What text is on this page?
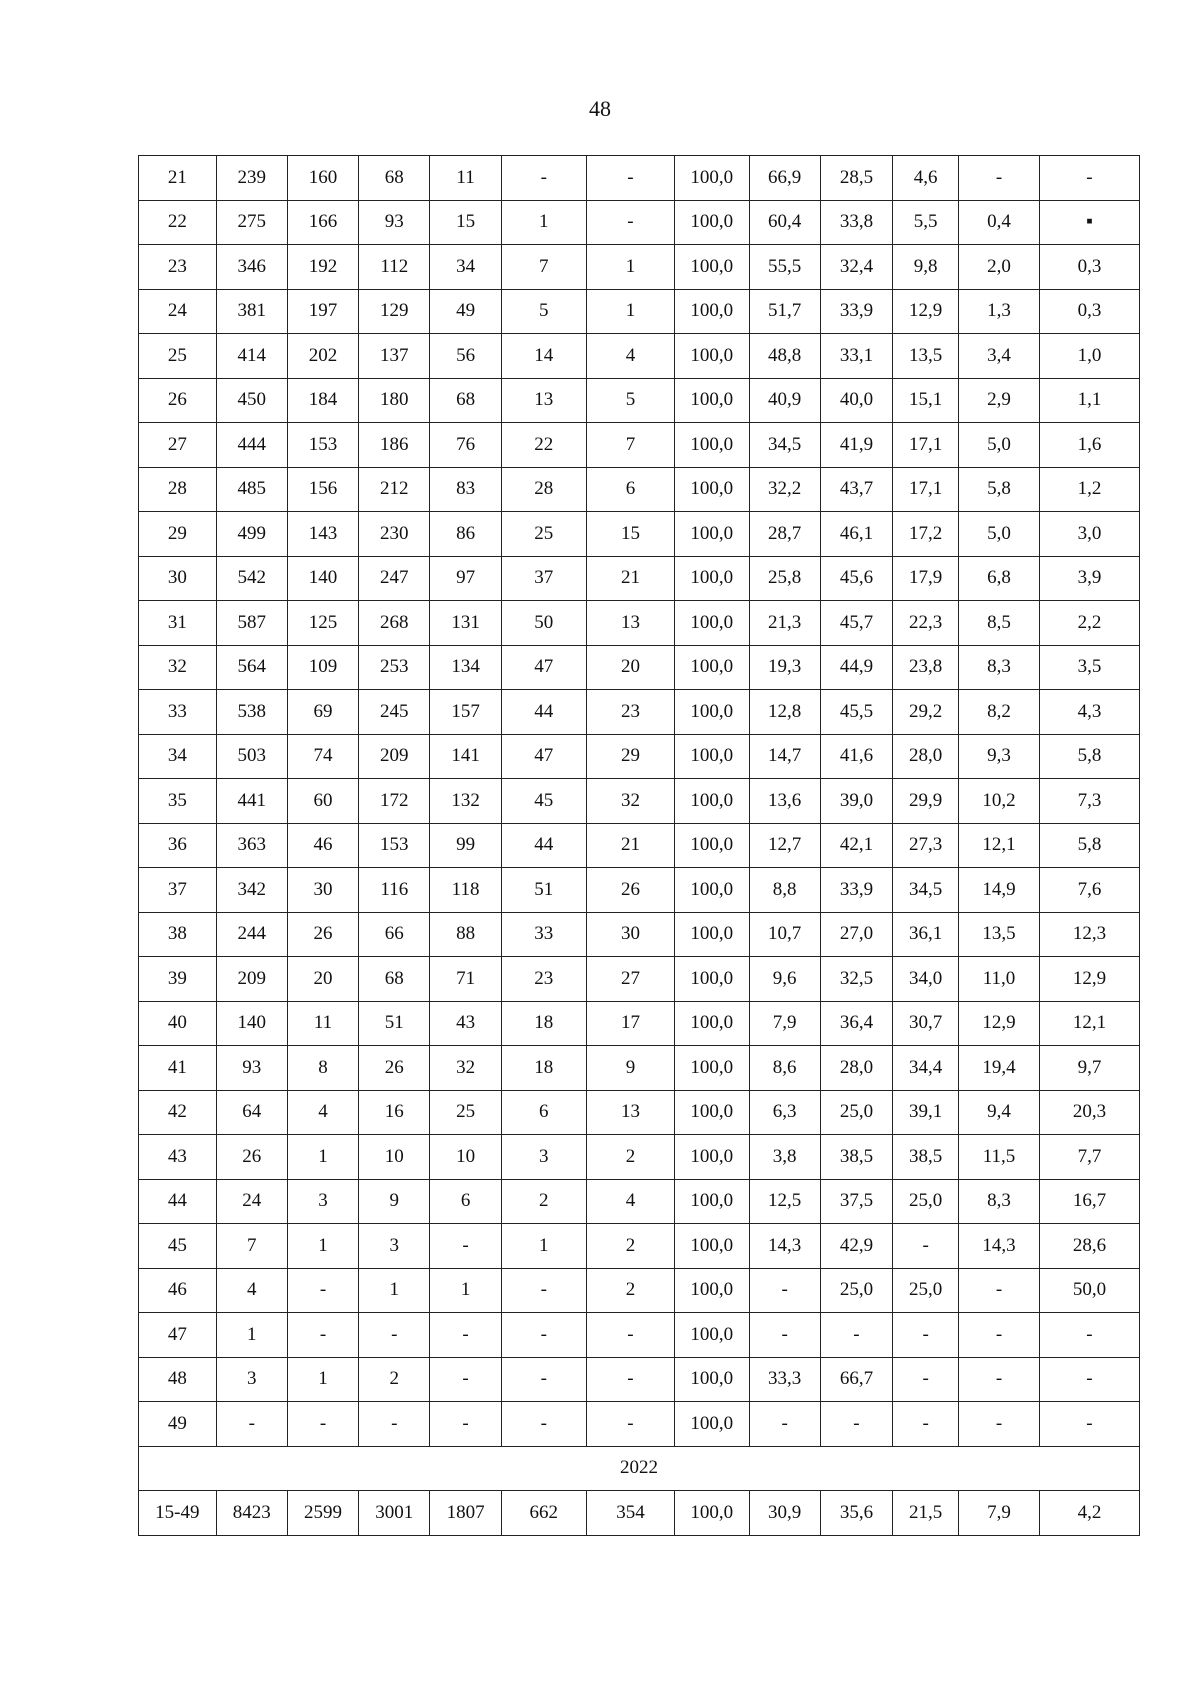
48
21	239	160	68	11	-	-	100,0	66,9	28,5	4,6	-	-
22	275	166	93	15	1	-	100,0	60,4	33,8	5,5	0,4	▪
23	346	192	112	34	7	1	100,0	55,5	32,4	9,8	2,0	0,3
24	381	197	129	49	5	1	100,0	51,7	33,9	12,9	1,3	0,3
25	414	202	137	56	14	4	100,0	48,8	33,1	13,5	3,4	1,0
26	450	184	180	68	13	5	100,0	40,9	40,0	15,1	2,9	1,1
27	444	153	186	76	22	7	100,0	34,5	41,9	17,1	5,0	1,6
28	485	156	212	83	28	6	100,0	32,2	43,7	17,1	5,8	1,2
29	499	143	230	86	25	15	100,0	28,7	46,1	17,2	5,0	3,0
30	542	140	247	97	37	21	100,0	25,8	45,6	17,9	6,8	3,9
31	587	125	268	131	50	13	100,0	21,3	45,7	22,3	8,5	2,2
32	564	109	253	134	47	20	100,0	19,3	44,9	23,8	8,3	3,5
33	538	69	245	157	44	23	100,0	12,8	45,5	29,2	8,2	4,3
34	503	74	209	141	47	29	100,0	14,7	41,6	28,0	9,3	5,8
35	441	60	172	132	45	32	100,0	13,6	39,0	29,9	10,2	7,3
36	363	46	153	99	44	21	100,0	12,7	42,1	27,3	12,1	5,8
37	342	30	116	118	51	26	100,0	8,8	33,9	34,5	14,9	7,6
38	244	26	66	88	33	30	100,0	10,7	27,0	36,1	13,5	12,3
39	209	20	68	71	23	27	100,0	9,6	32,5	34,0	11,0	12,9
40	140	11	51	43	18	17	100,0	7,9	36,4	30,7	12,9	12,1
41	93	8	26	32	18	9	100,0	8,6	28,0	34,4	19,4	9,7
42	64	4	16	25	6	13	100,0	6,3	25,0	39,1	9,4	20,3
43	26	1	10	10	3	2	100,0	3,8	38,5	38,5	11,5	7,7
44	24	3	9	6	2	4	100,0	12,5	37,5	25,0	8,3	16,7
45	7	1	3	-	1	2	100,0	14,3	42,9	-	14,3	28,6
46	4	-	1	1	-	2	100,0	-	25,0	25,0	-	50,0
47	1	-	-	-	-	-	100,0	-	-	-	-	-
48	3	1	2	-	-	-	100,0	33,3	66,7	-	-	-
49	-	-	-	-	-	-	100,0	-	-	-	-	-
2022												
15-49	8423	2599	3001	1807	662	354	100,0	30,9	35,6	21,5	7,9	4,2
